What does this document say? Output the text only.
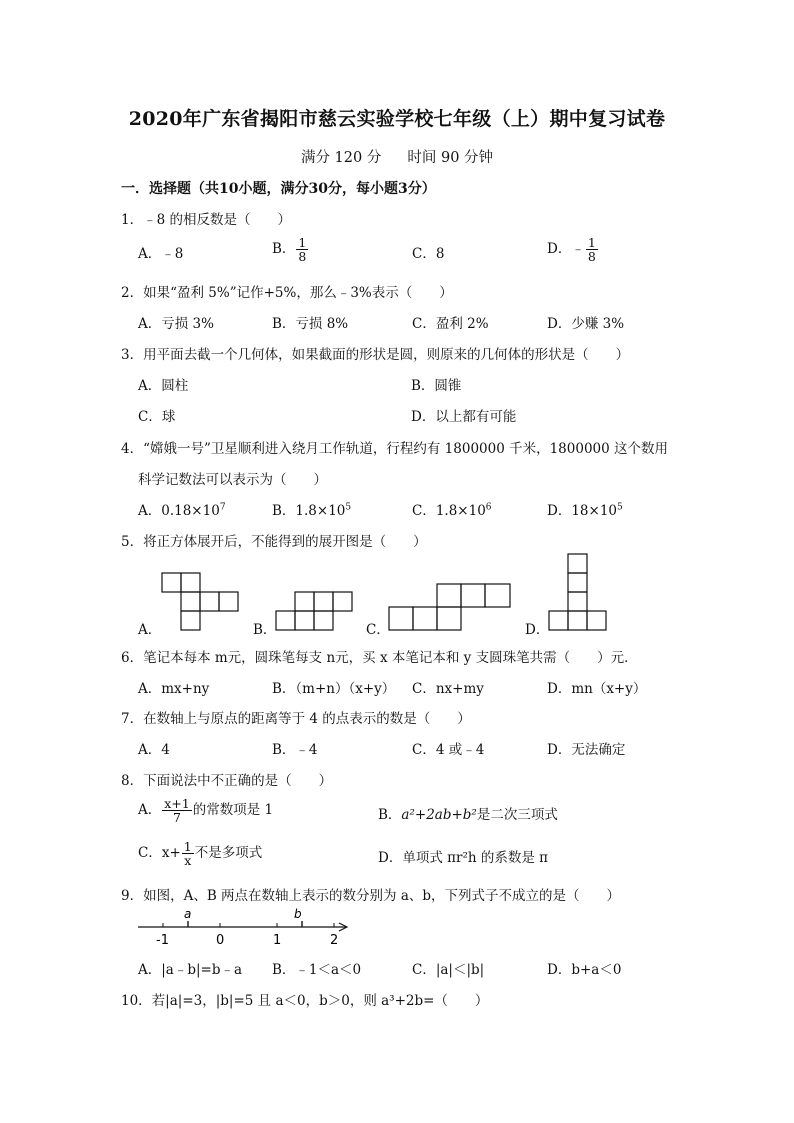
2020年广东省揭阳市慈云实验学校七年级（上）期中复习试卷
满分 120 分 时间 90 分钟
一．选择题（共10小题，满分30分，每小题3分）
1．﹣8 的相反数是（　　）
A．﹣8	B． $\frac{1}{8}$	C．8	D．﹣ $\frac{1}{8}$
2．如果“盈利 5%”记作+5%，那么﹣3%表示（　　）
A．亏损 3%	B．亏损 8%	C．盈利 2%	D．少赚 3%
3．用平面去截一个几何体，如果截面的形状是圆，则原来的几何体的形状是（　　）
A．圆柱	B．圆锥
C．球	D．以上都有可能
4．“嫦娥一号”卫星顺利进入绕月工作轨道，行程约有 1800000 千米，1800000 这个数用
科学记数法可以表示为（　　）
A．$0.18\times 10^7$	B．$1.8\times 10^5$	C．$1.8\times 10^6$	D．$18\times 10^5$
5．将正方体展开后，不能得到的展开图是（　　）
A．	B．	C．	D．
6．笔记本每本 m元，圆珠笔每支 n元，买 x 本笔记本和 y 支圆珠笔共需（　　）元．
A．mx+ny	B．（m+n）（x+y） C．nx+my	D．mn（x+y）
7．在数轴上与原点的距离等于 4 的点表示的数是（　　）
A．4	B．﹣4	C．4 或﹣4	D．无法确定
8．下面说法中不正确的是（　　）
A． $\frac{x+1}{7}$ 的常数项是 1	B．a²+2ab+b²是二次三项式
C．$x+ \frac{1}{x}$ 不是多项式	D．单项式 πr²h 的系数是 π
9．如图，A、B 两点在数轴上表示的数分别为 a、b，下列式子不成立的是（　　）
a	b
-1	0	1	2
A．|a﹣b|=b﹣a B．﹣1＜a＜0	C．|a|＜|b|	D．b+a＜0
10．若|a|=3，|b|=5 且 a＜0，b＞0，则 a³+2b=（　　）
